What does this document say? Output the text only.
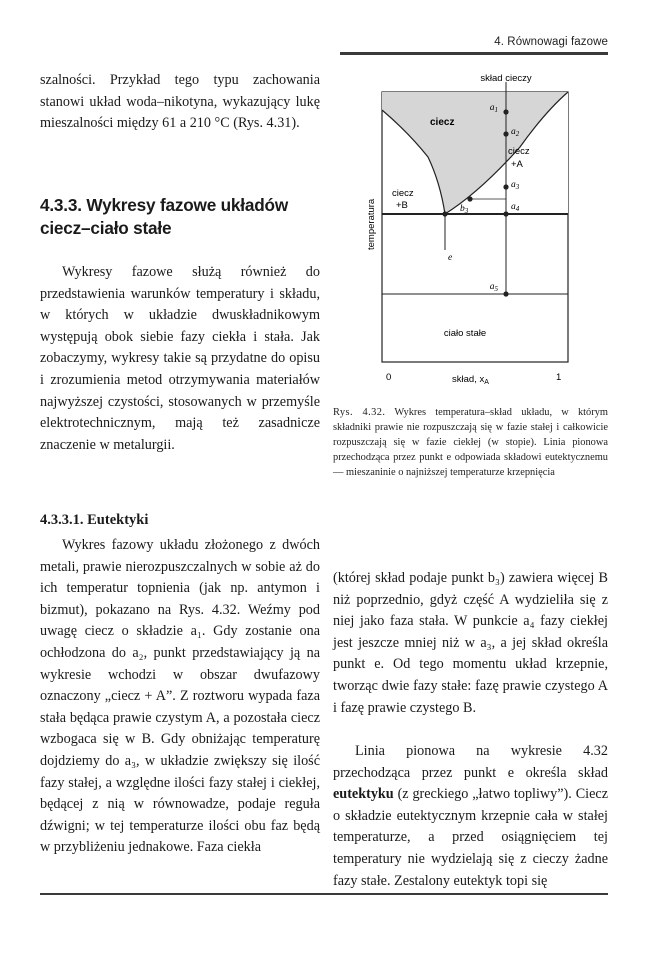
4. Równowagi fazowe

szalności. Przykład tego typu zachowania stanowi układ woda–nikotyna, wykazujący lukę mieszalności między 61 a 210 °C (Rys. 4.31).

4.3.3. Wykresy fazowe układów ciecz–ciało stałe

Wykresy fazowe służą również do przedstawienia warunków temperatury i składu, w których w układzie dwuskładnikowym występują obok siebie fazy ciekła i stała. Jak zobaczymy, wykresy takie są przydatne do opisu i zrozumienia metod otrzymywania materiałów najwyższej czystości, stosowanych w przemyśle elektrotechnicznym, mają też zasadnicze znaczenie w metalurgii.

4.3.3.1. Eutektyki

Wykres fazowy układu złożonego z dwóch metali, prawie nierozpuszczalnych w sobie aż do ich temperatur topnienia (jak np. antymon i bizmut), pokazano na Rys. 4.32. Weźmy pod uwagę ciecz o składzie a₁. Gdy zostanie ona ochłodzona do a₂, punkt przedstawiający ją na wykresie wchodzi w obszar dwufazowy oznaczony „ciecz + A”. Z roztworu wypada faza stała będąca prawie czystym A, a pozostała ciecz wzbogaca się w B. Gdy obniżając temperaturę dojdziemy do a₃, w układzie zwiększy się ilość fazy stałej, a względne ilości fazy stałej i ciekłej, będącej z nią w równowadze, podaje reguła dźwigni; w tej temperaturze ilości obu faz będą w przybliżeniu jednakowe. Faza ciekła

skład cieczy
ciecz
ciecz
+A
ciecz
+B
ciało stałe
e
$a_1$
$a_2$
$a_3$
$a_4$
$a_5$
$b_3$
temperatura
0	1
skład, $x_A$
Rys. 4.32. Wykres temperatura–skład układu, w którym składniki prawie nie rozpuszczają się w fazie stałej i całkowicie rozpuszczają się w fazie ciekłej (w stopie). Linia pionowa przechodząca przez punkt e odpowiada składowi eutektycznemu — mieszaninie o najniższej temperaturze krzepnięcia

(której skład podaje punkt b₃) zawiera więcej B niż poprzednio, gdyż część A wydzieliła się z niej jako faza stała. W punkcie a₄ fazy ciekłej jest jeszcze mniej niż w a₃, a jej skład określa punkt e. Od tego momentu układ krzepnie, tworząc dwie fazy stałe: fazę prawie czystego A i fazę prawie czystego B.

Linia pionowa na wykresie 4.32 przechodząca przez punkt e określa skład eutektyku (z greckiego „łatwo topliwy”). Ciecz o składzie eutektycznym krzepnie cała w stałej temperaturze, a przed osiągnięciem tej temperatury nie wydzielają się z cieczy żadne fazy stałe. Zestalony eutektyk topi się
